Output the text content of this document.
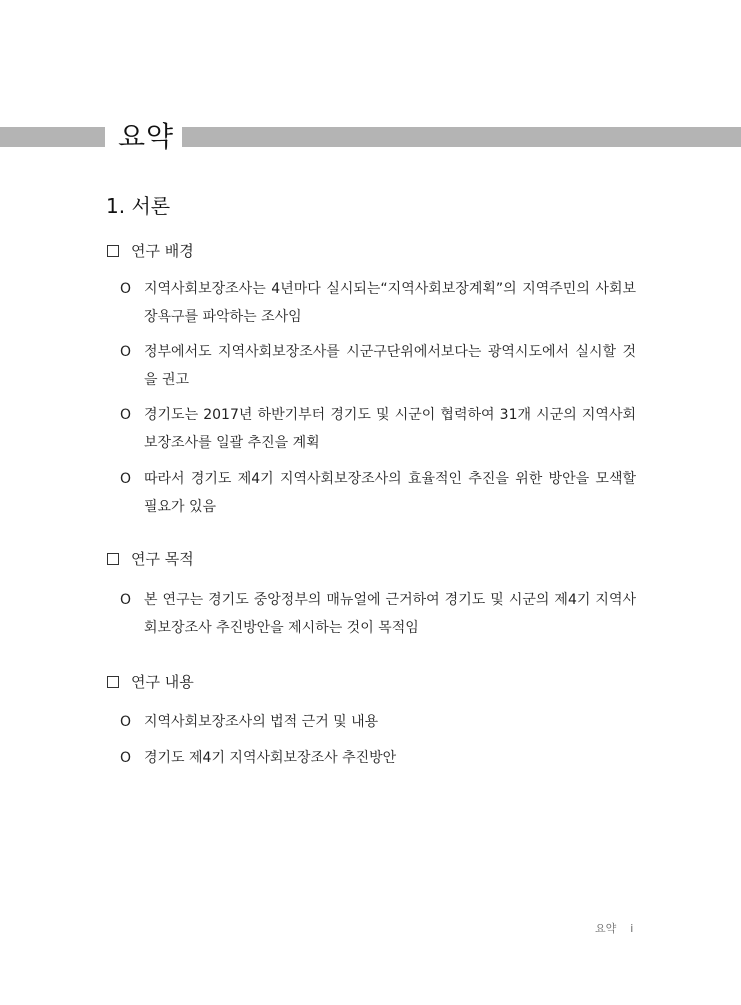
요약
1. 서론
연구 배경
O 지역사회보장조사는 4년마다 실시되는“지역사회보장계획”의 지역주민의 사회보장욕구를 파악하는 조사임
O 정부에서도 지역사회보장조사를 시군구단위에서보다는 광역시도에서 실시할 것을 권고
O 경기도는 2017년 하반기부터 경기도 및 시군이 협력하여 31개 시군의 지역사회보장조사를 일괄 추진을 계획
O 따라서 경기도 제4기 지역사회보장조사의 효율적인 추진을 위한 방안을 모색할 필요가 있음
연구 목적
O 본 연구는 경기도 중앙정부의 매뉴얼에 근거하여 경기도 및 시군의 제4기 지역사회보장조사 추진방안을 제시하는 것이 목적임
연구 내용
O 지역사회보장조사의 법적 근거 및 내용
O 경기도 제4기 지역사회보장조사 추진방안
요약 i
